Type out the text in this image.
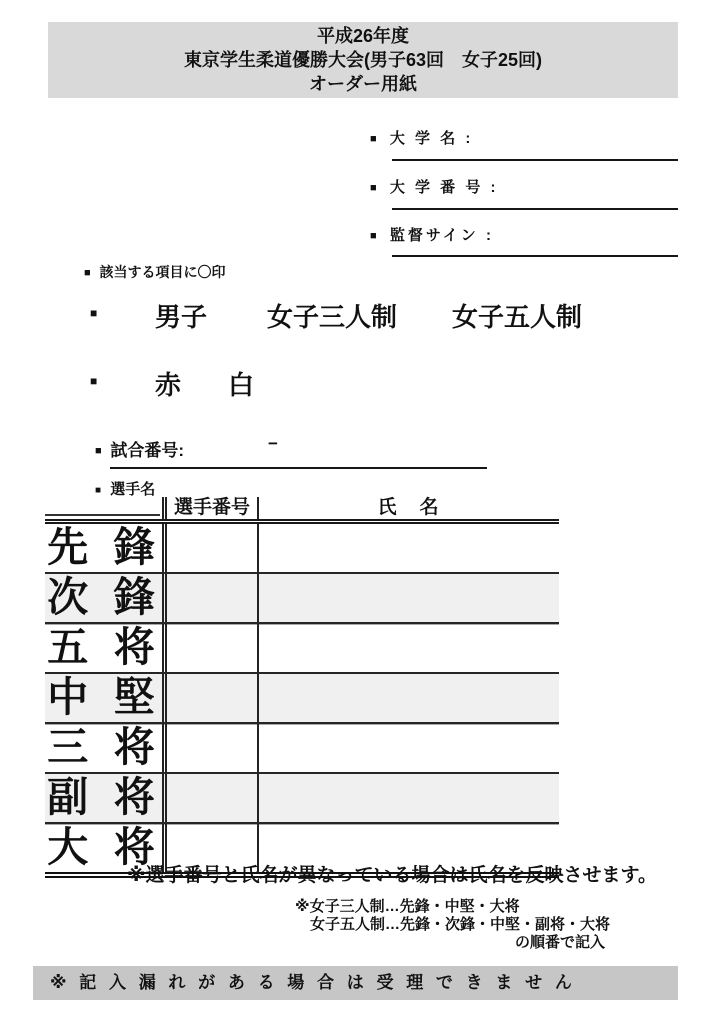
平成26年度
東京学生柔道優勝大会(男子63回　女子25回)
オーダー用紙
■ 大 学 名 :
■ 大 学 番 号 :
■ 監督サイン :
■ 該当する項目に〇印
■ 男子 女子三人制 女子五人制
■ 赤 白
■ 試合番号:	−
■ 選手名
選手番号	氏　名
先 鋒
次 鋒
五 将
中 堅
三 将
副 将
大 将
※選手番号と氏名が異なっている場合は氏名を反映させます。
※女子三人制…先鋒・中堅・大将
女子五人制…先鋒・次鋒・中堅・副将・大将
の順番で記入
※ 記 入 漏 れ が あ る 場 合 は 受 理 で き ま せ ん
